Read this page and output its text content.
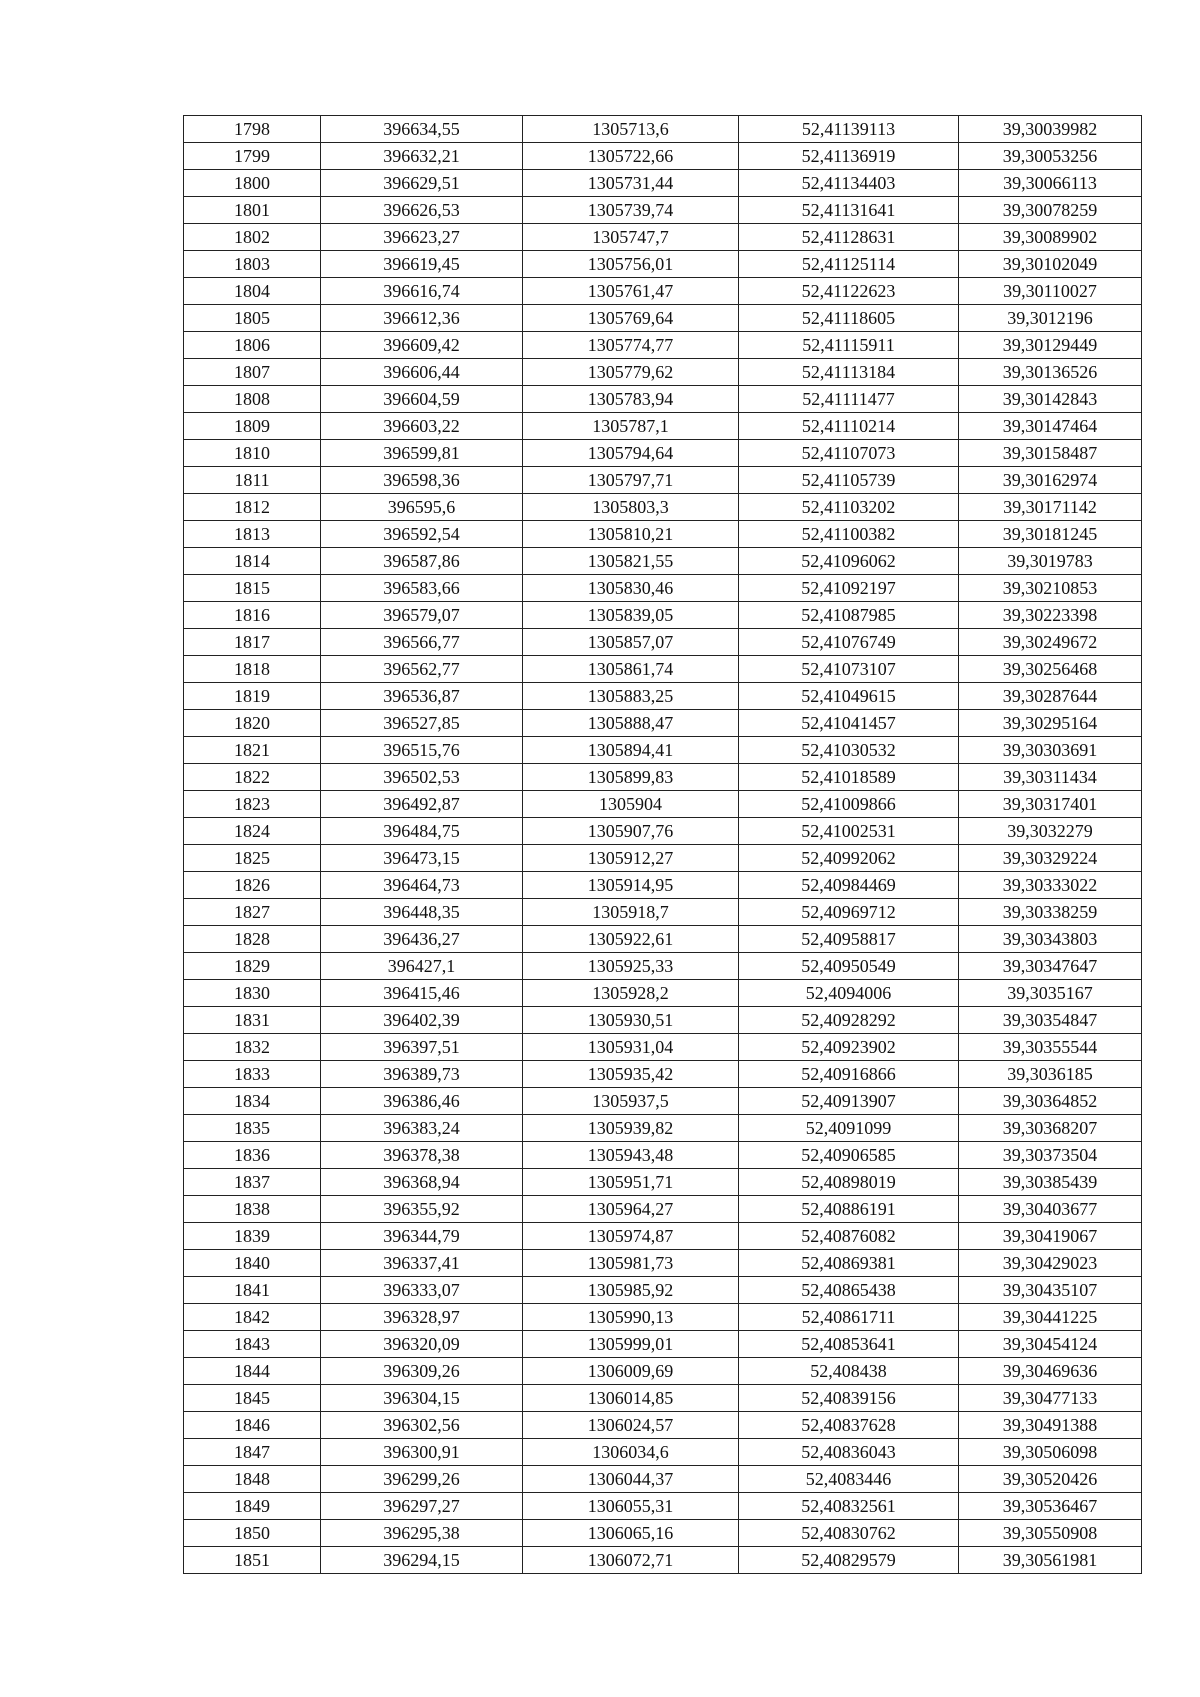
1798	396634,55	1305713,6	52,41139113	39,30039982
1799	396632,21	1305722,66	52,41136919	39,30053256
1800	396629,51	1305731,44	52,41134403	39,30066113
1801	396626,53	1305739,74	52,41131641	39,30078259
1802	396623,27	1305747,7	52,41128631	39,30089902
1803	396619,45	1305756,01	52,41125114	39,30102049
1804	396616,74	1305761,47	52,41122623	39,30110027
1805	396612,36	1305769,64	52,41118605	39,3012196
1806	396609,42	1305774,77	52,41115911	39,30129449
1807	396606,44	1305779,62	52,41113184	39,30136526
1808	396604,59	1305783,94	52,41111477	39,30142843
1809	396603,22	1305787,1	52,41110214	39,30147464
1810	396599,81	1305794,64	52,41107073	39,30158487
1811	396598,36	1305797,71	52,41105739	39,30162974
1812	396595,6	1305803,3	52,41103202	39,30171142
1813	396592,54	1305810,21	52,41100382	39,30181245
1814	396587,86	1305821,55	52,41096062	39,3019783
1815	396583,66	1305830,46	52,41092197	39,30210853
1816	396579,07	1305839,05	52,41087985	39,30223398
1817	396566,77	1305857,07	52,41076749	39,30249672
1818	396562,77	1305861,74	52,41073107	39,30256468
1819	396536,87	1305883,25	52,41049615	39,30287644
1820	396527,85	1305888,47	52,41041457	39,30295164
1821	396515,76	1305894,41	52,41030532	39,30303691
1822	396502,53	1305899,83	52,41018589	39,30311434
1823	396492,87	1305904	52,41009866	39,30317401
1824	396484,75	1305907,76	52,41002531	39,3032279
1825	396473,15	1305912,27	52,40992062	39,30329224
1826	396464,73	1305914,95	52,40984469	39,30333022
1827	396448,35	1305918,7	52,40969712	39,30338259
1828	396436,27	1305922,61	52,40958817	39,30343803
1829	396427,1	1305925,33	52,40950549	39,30347647
1830	396415,46	1305928,2	52,4094006	39,3035167
1831	396402,39	1305930,51	52,40928292	39,30354847
1832	396397,51	1305931,04	52,40923902	39,30355544
1833	396389,73	1305935,42	52,40916866	39,3036185
1834	396386,46	1305937,5	52,40913907	39,30364852
1835	396383,24	1305939,82	52,4091099	39,30368207
1836	396378,38	1305943,48	52,40906585	39,30373504
1837	396368,94	1305951,71	52,40898019	39,30385439
1838	396355,92	1305964,27	52,40886191	39,30403677
1839	396344,79	1305974,87	52,40876082	39,30419067
1840	396337,41	1305981,73	52,40869381	39,30429023
1841	396333,07	1305985,92	52,40865438	39,30435107
1842	396328,97	1305990,13	52,40861711	39,30441225
1843	396320,09	1305999,01	52,40853641	39,30454124
1844	396309,26	1306009,69	52,408438	39,30469636
1845	396304,15	1306014,85	52,40839156	39,30477133
1846	396302,56	1306024,57	52,40837628	39,30491388
1847	396300,91	1306034,6	52,40836043	39,30506098
1848	396299,26	1306044,37	52,4083446	39,30520426
1849	396297,27	1306055,31	52,40832561	39,30536467
1850	396295,38	1306065,16	52,40830762	39,30550908
1851	396294,15	1306072,71	52,40829579	39,30561981
